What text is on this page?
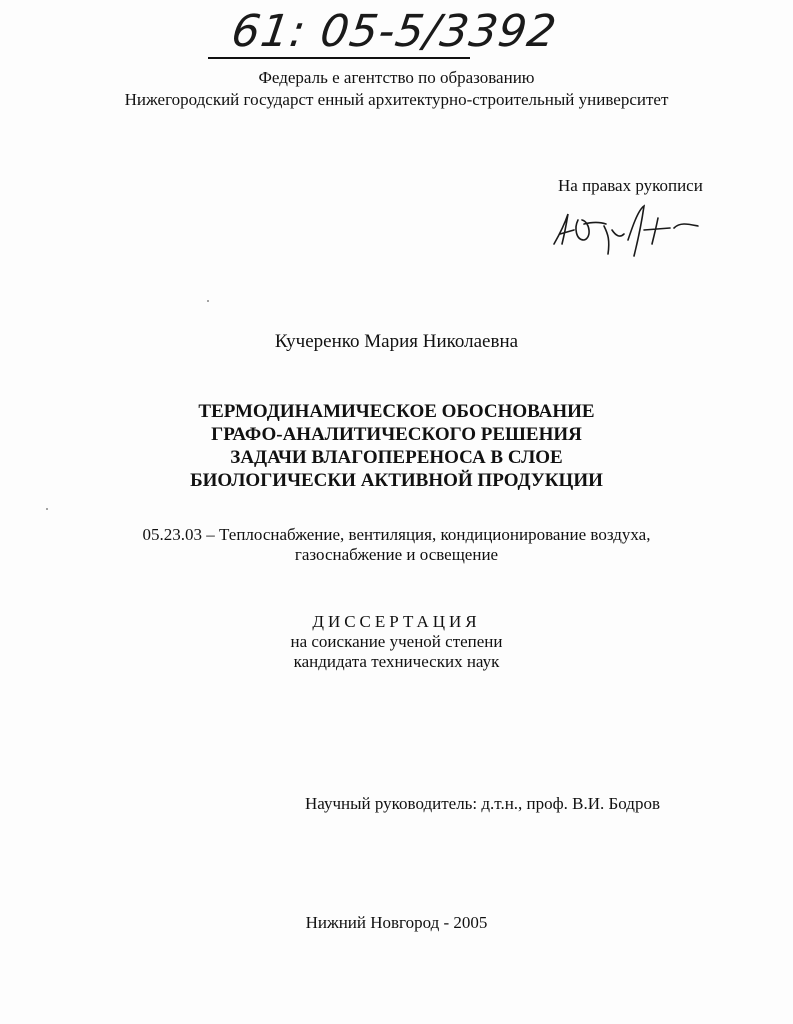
61: 05-5/3392
Федераль е агентство по образованию
Нижегородский государст енный архитектурно-строительный университет
На правах рукописи
Кучеренко Мария Николаевна
ТЕРМОДИНАМИЧЕСКОЕ ОБОСНОВАНИЕ
ГРАФО-АНАЛИТИЧЕСКОГО РЕШЕНИЯ
ЗАДАЧИ ВЛАГОПЕРЕНОСА В СЛОЕ
БИОЛОГИЧЕСКИ АКТИВНОЙ ПРОДУКЦИИ
05.23.03 – Теплоснабжение, вентиляция, кондиционирование воздуха,
газоснабжение и освещение
ДИССЕРТАЦИЯ
на соискание ученой степени
кандидата технических наук
Научный руководитель: д.т.н., проф. В.И. Бодров
Нижний Новгород - 2005
